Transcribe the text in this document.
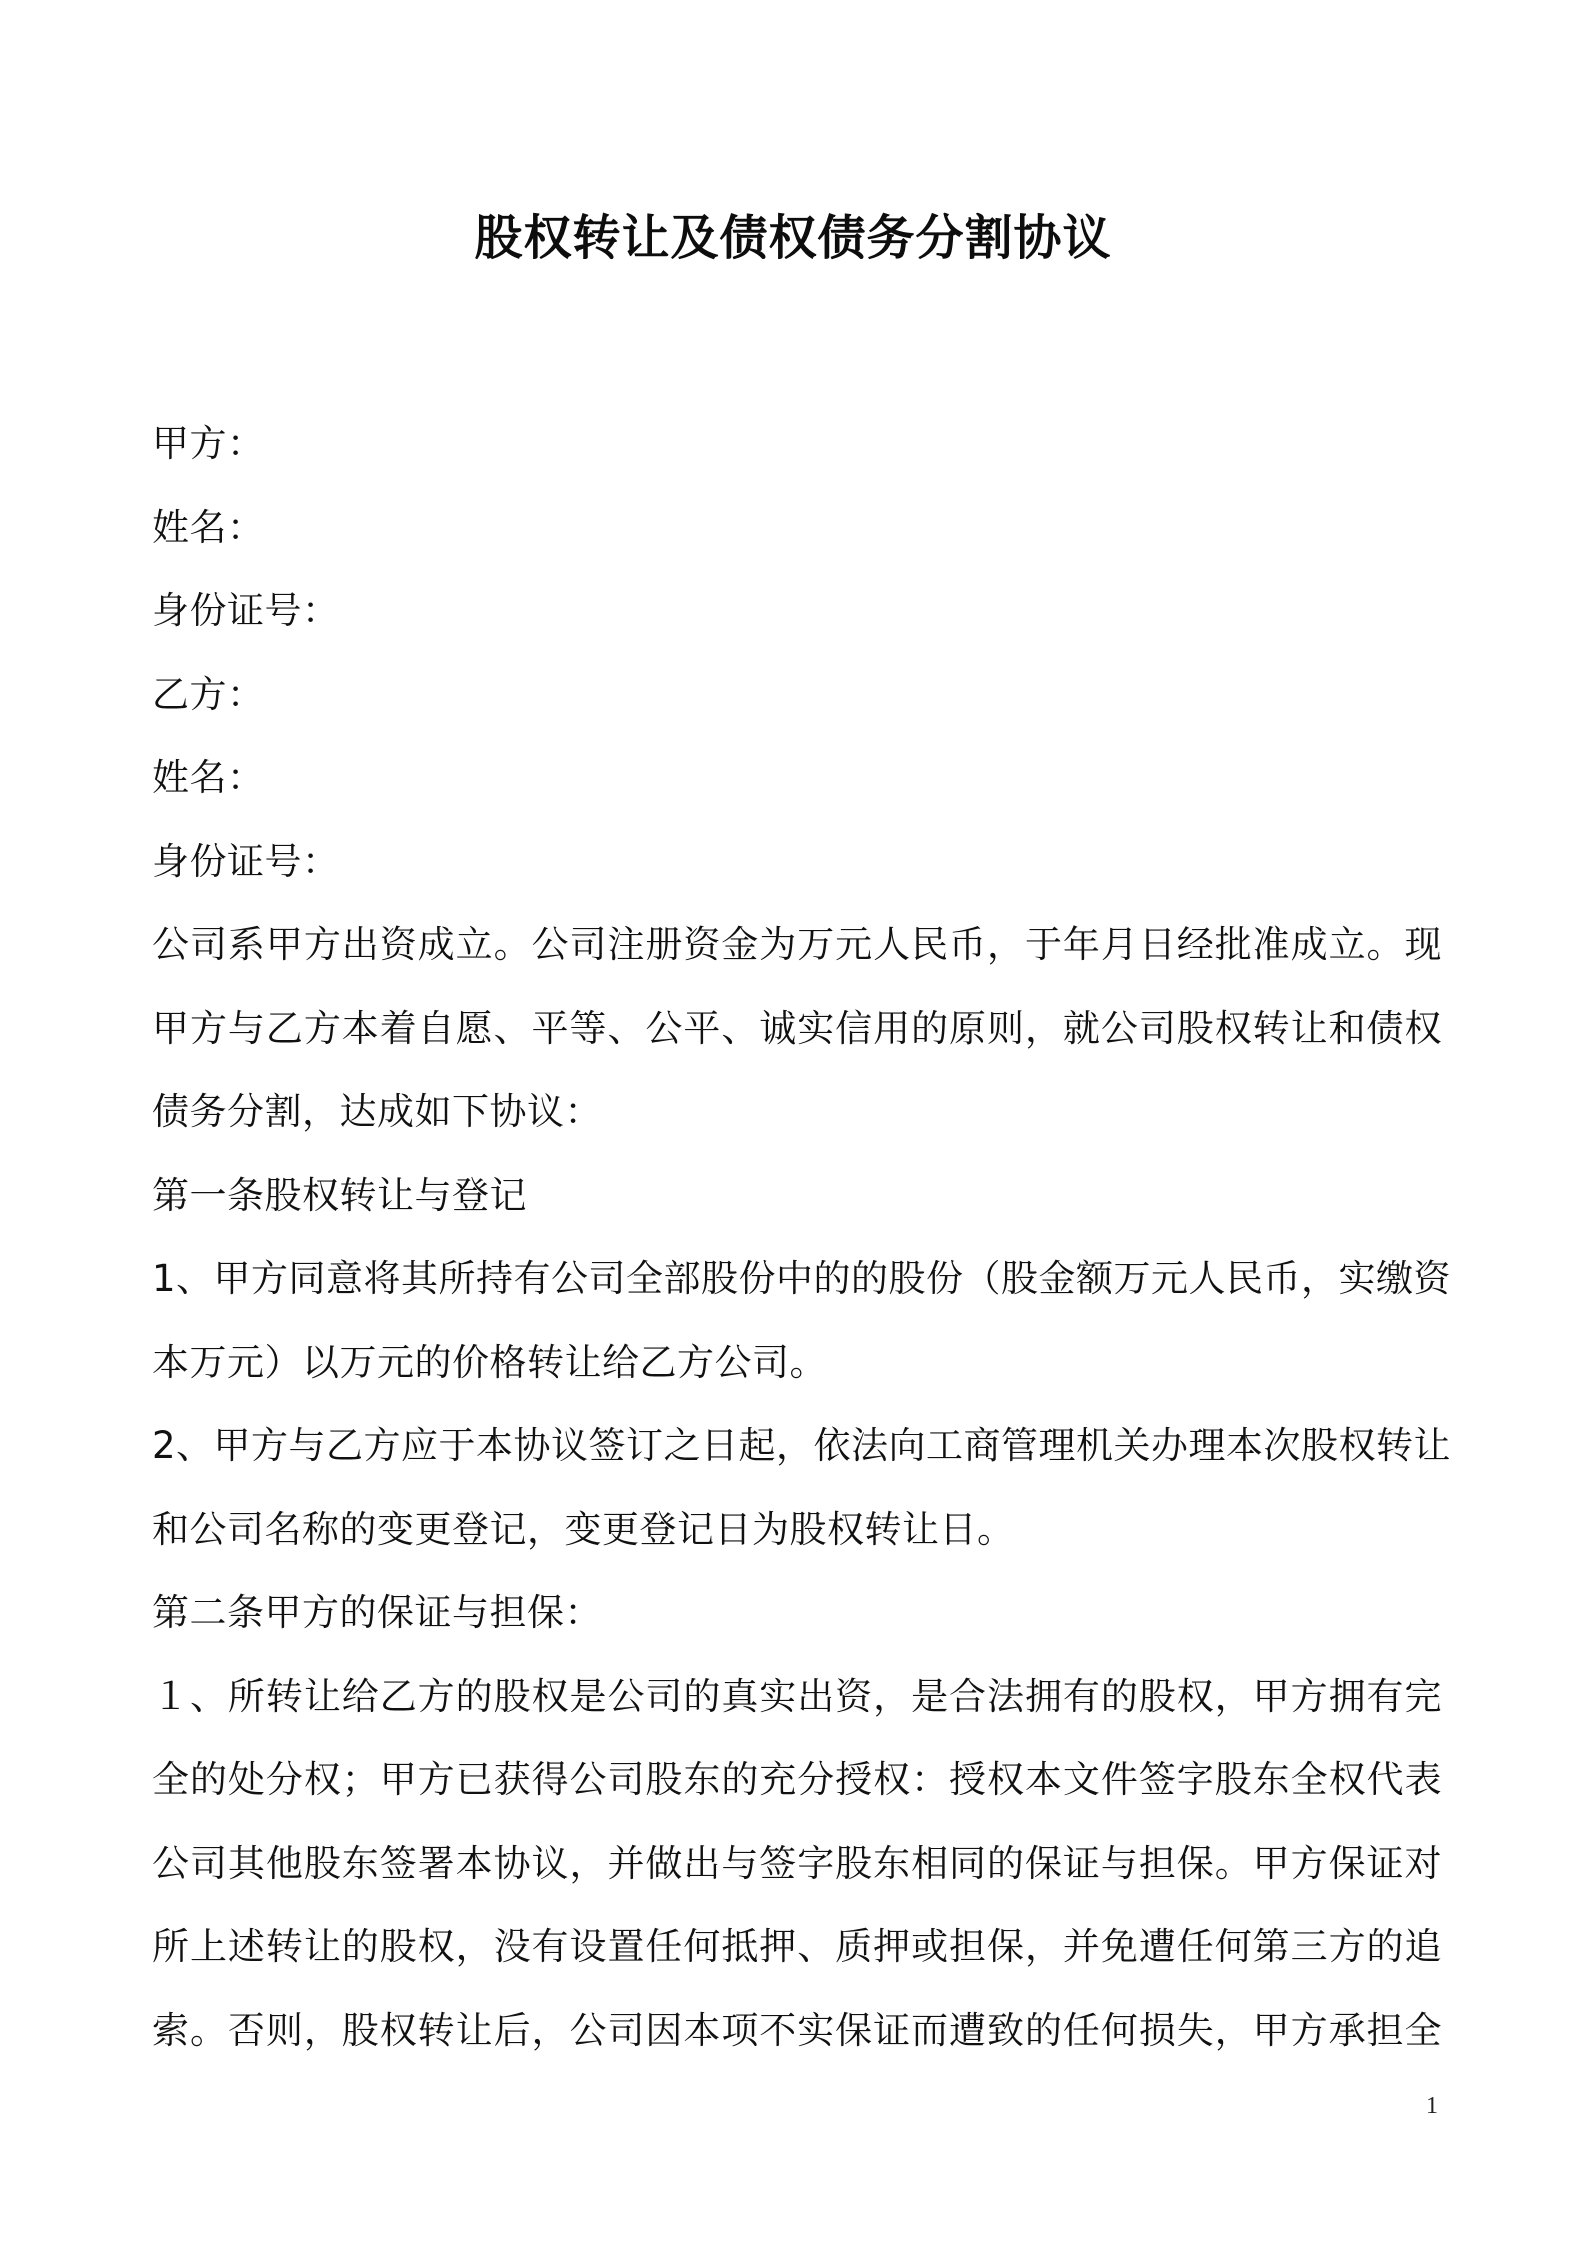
股权转让及债权债务分割协议
甲方：
姓名：
身份证号：
乙方：
姓名：
身份证号：
公司系甲方出资成立。公司注册资金为万元人民币，于年月日经批准成立。现
甲方与乙方本着自愿、平等、公平、诚实信用的原则，就公司股权转让和债权
债务分割，达成如下协议：
第一条股权转让与登记
1、甲方同意将其所持有公司全部股份中的的股份（股金额万元人民币，实缴资
本万元）以万元的价格转让给乙方公司。
2、甲方与乙方应于本协议签订之日起，依法向工商管理机关办理本次股权转让
和公司名称的变更登记，变更登记日为股权转让日。
第二条甲方的保证与担保：
１、所转让给乙方的股权是公司的真实出资，是合法拥有的股权，甲方拥有完
全的处分权；甲方已获得公司股东的充分授权：授权本文件签字股东全权代表
公司其他股东签署本协议，并做出与签字股东相同的保证与担保。甲方保证对
所上述转让的股权，没有设置任何抵押、质押或担保，并免遭任何第三方的追
索。否则，股权转让后，公司因本项不实保证而遭致的任何损失，甲方承担全
1
